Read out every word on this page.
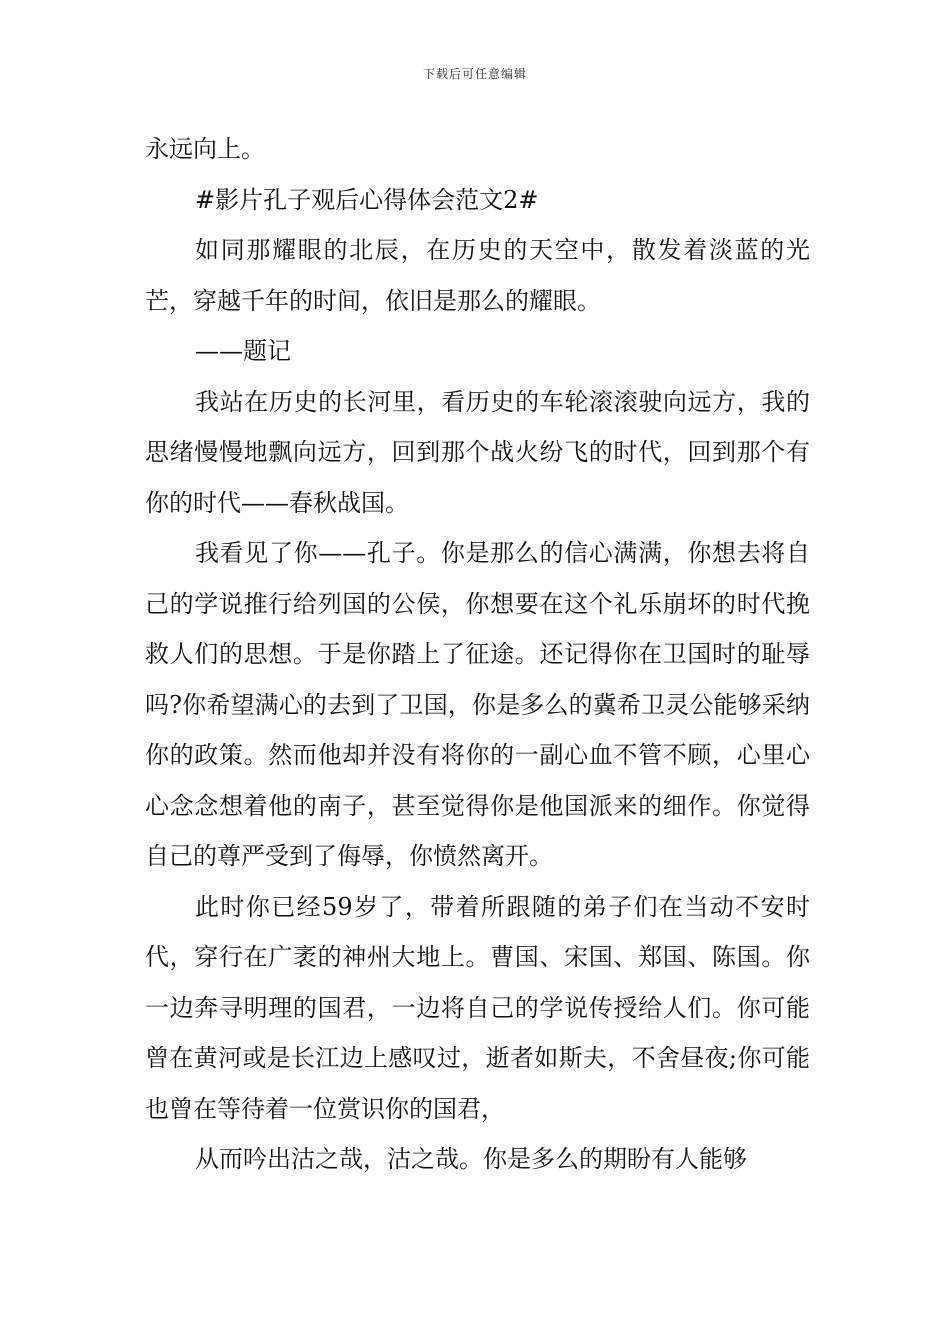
下载后可任意编辑

永远向上。

#影片孔子观后心得体会范文2#

如同那耀眼的北辰，在历史的天空中，散发着淡蓝的光芒，穿越千年的时间，依旧是那么的耀眼。

——题记

我站在历史的长河里，看历史的车轮滚滚驶向远方，我的思绪慢慢地飘向远方，回到那个战火纷飞的时代，回到那个有你的时代——春秋战国。

我看见了你——孔子。你是那么的信心满满，你想去将自己的学说推行给列国的公侯，你想要在这个礼乐崩坏的时代挽救人们的思想。于是你踏上了征途。还记得你在卫国时的耻辱吗?你希望满心的去到了卫国，你是多么的冀希卫灵公能够采纳你的政策。然而他却并没有将你的一副心血不管不顾，心里心心念念想着他的南子，甚至觉得你是他国派来的细作。你觉得自己的尊严受到了侮辱，你愤然离开。

此时你已经59岁了，带着所跟随的弟子们在当动不安时代，穿行在广袤的神州大地上。曹国、宋国、郑国、陈国。你一边奔寻明理的国君，一边将自己的学说传授给人们。你可能曾在黄河或是长江边上感叹过，逝者如斯夫，不舍昼夜;你可能也曾在等待着一位赏识你的国君，

从而吟出沽之哉，沽之哉。你是多么的期盼有人能够
